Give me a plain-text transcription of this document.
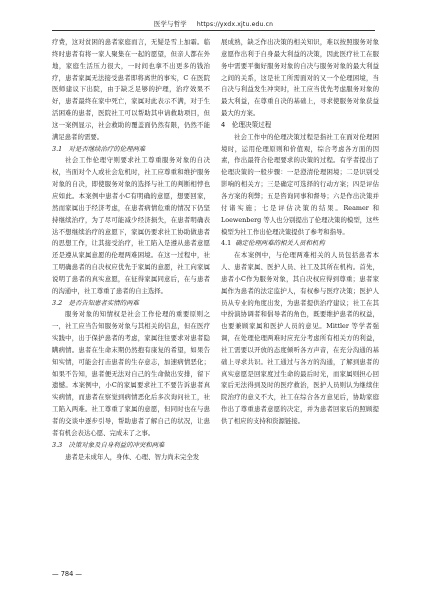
医学与哲学 https://yxdx.xjtu.edu.cn

疗费，这对贫困的患者家庭而言，无疑是雪上加霜。临终时患者有将一家人聚集在一起的愿望，但亲人都在外地，家庭生活压力很大，一时间也拿不出更多的钱治疗，患者家属无法接受患者即将离世的事实，C 在医院医师建议下出院，由于缺乏足够的护理，治疗效果不好，患者最终在家中死亡，家属对此表示不满，对于生活困难的患者，医院社工可以帮助其申请救助项目，但这一案例显示，社会救助的覆盖面仍然有限，仍然不能满足患者的需要。

3.1　对是否继续治疗的伦理两难

社会工作伦理守则要求社工尊重服务对象的自决权，当面对个人或社会危机时，社工应尊重和维护服务对象的自决，即使服务对象的选择与社工的判断相悖也应如此。本案例中患者小C有明确的意愿，想要回家，然而家属出于经济考虑，在患者病情危重的情况下仍坚持继续治疗，为了尽可能减少经济损失，在患者明确表达不想继续治疗的意愿下，家属仍要求社工协助做患者的思想工作，让其接受治疗，社工陷入是遵从患者意愿还是遵从家属意愿的伦理两难困境。在这一过程中，社工明确患者的自决权应优先于家属的意愿，社工向家属说明了患者的真实意愿，在征得家属同意后，在与患者的沟通中，社工尊重了患者的自主选择。

3.2　是否告知患者实情的两难

服务对象的知情权是社会工作伦理的重要原则之一，社工应当告知服务对象与其相关的信息，但在医疗实践中，出于保护患者的考虑，家属往往要求对患者隐瞒病情。患者在生命末期仍然抱有康复的希望，如果告知实情，可能会打击患者的生存意志，加速病情恶化；如果不告知，患者便无法对自己的生命做出安排，留下遗憾。本案例中，小C的家属要求社工不要告诉患者真实病情，而患者在察觉到病情恶化后多次询问社工，社工陷入两难。社工尊重了家属的意愿，但同时也在与患者的交谈中逐步引导，帮助患者了解自己的状况，让患者有机会表达心愿、完成未了之事。

3.3　决策对象及自身利益的冲突和两难

患者是未成年人，身体、心理、智力尚未完全发

展成熟，缺乏作出决策的相关知识，难以按照服务对象意愿作出利于自身最大利益的决策，因此医疗社工在服务中需要平衡好服务对象的自决与服务对象的最大利益之间的关系，这是社工所需面对的又一个伦理困境，当自决与利益发生冲突时，社工应当优先考虑服务对象的最大利益，在尊重自决的基础上，寻求使服务对象获益最大的方案。

4　伦理决策过程

社会工作中的伦理决策过程是指社工在面对伦理困境时，运用伦理原则和价值观，综合考虑各方面的因素，作出最符合伦理要求的决策的过程。有学者提出了伦理决策的一般步骤：一是澄清伦理困境；二是识别受影响的相关方；三是确定可选择的行动方案；四是评估各方案的利弊；五是咨询同事和督导；六是作出决策并付诸实施；七是评估决策的结果。Reamer 和 Loewenberg 等人也分别提出了伦理决策的模型，这些模型为社工作出伦理决策提供了参考和指导。

4.1 确定伦理两难的相关人员和机构

在本案例中，与伦理两难相关的人员包括患者本人、患者家属、医护人员、社工及其所在机构。首先，患者小C作为服务对象，其自决权应得到尊重；患者家属作为患者的法定监护人，有权参与医疗决策；医护人员从专业的角度出发，为患者提供治疗建议；社工在其中扮演协调者和倡导者的角色，既要维护患者的权益，也要兼顾家属和医护人员的意见。Mittler 等学者强调，在处理伦理两难时应充分考虑所有相关方的利益，社工需要以开放的态度倾听各方声音，在充分沟通的基础上寻求共识。社工通过与各方的沟通，了解到患者的真实意愿是回家度过生命的最后时光，而家属则担心回家后无法得到及时的医疗救治，医护人员则认为继续住院治疗的意义不大，社工在综合各方意见后，协助家庭作出了尊重患者意愿的决定，并为患者回家后的照顾提供了相应的支持和资源链接。

— 784 —
